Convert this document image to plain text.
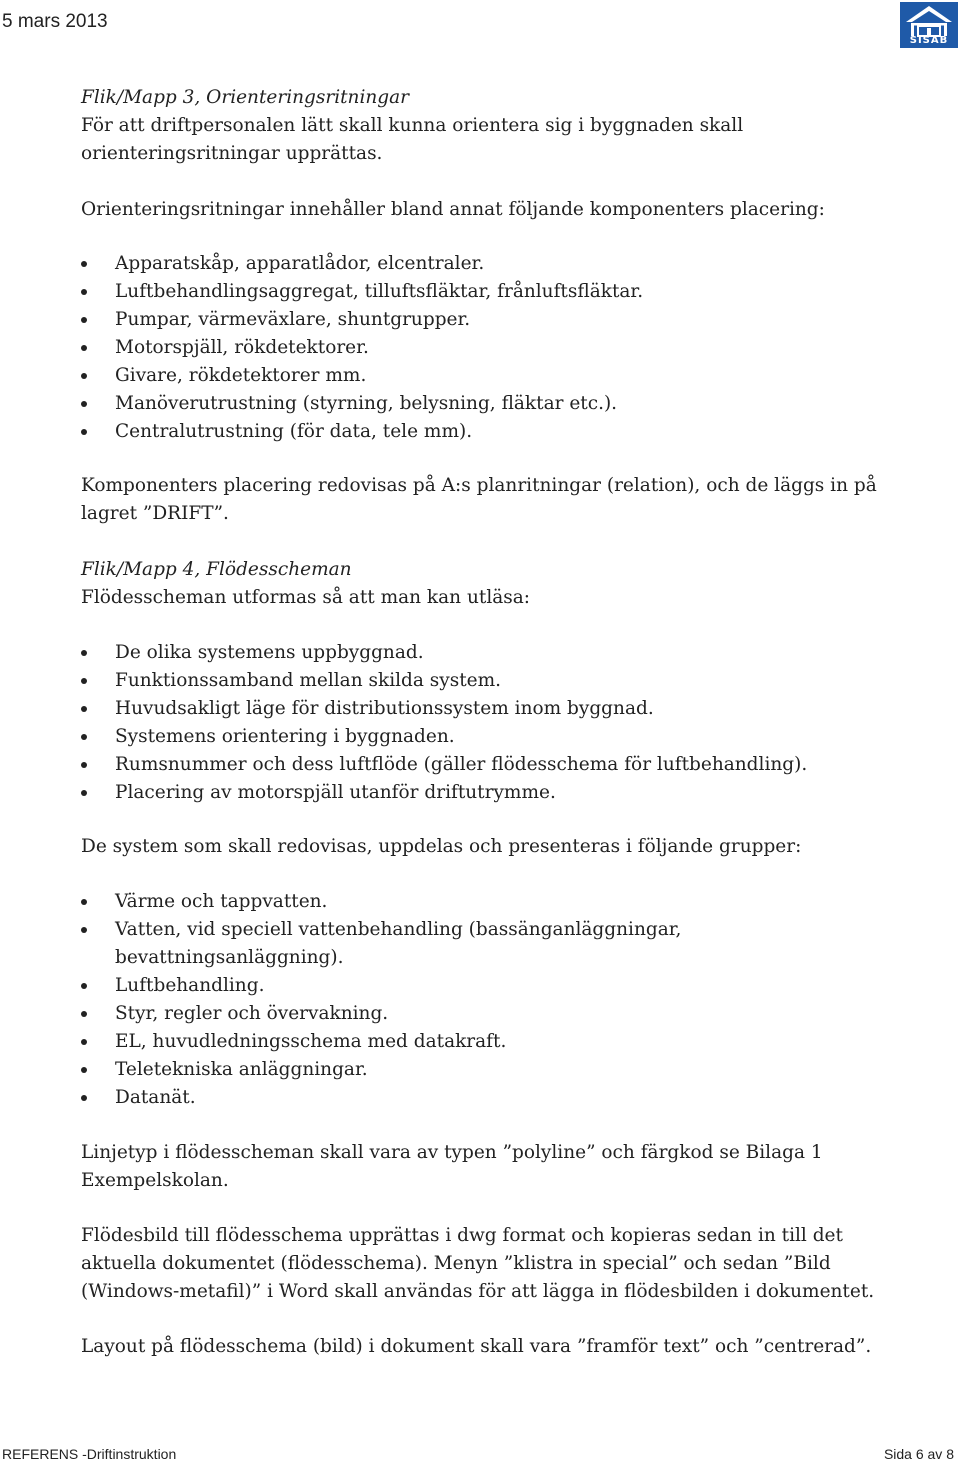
5 mars 2013
SISAB
Flik/Mapp 3, Orienteringsritningar
För att driftpersonalen lätt skall kunna orientera sig i byggnaden skall
orienteringsritningar upprättas.
Orienteringsritningar innehåller bland annat följande komponenters placering:
Apparatskåp, apparatlådor, elcentraler.
Luftbehandlingsaggregat, tilluftsfläktar, frånluftsfläktar.
Pumpar, värmeväxlare, shuntgrupper.
Motorspjäll, rökdetektorer.
Givare, rökdetektorer mm.
Manöverutrustning (styrning, belysning, fläktar etc.).
Centralutrustning (för data, tele mm).
Komponenters placering redovisas på A:s planritningar (relation), och de läggs in på
lagret ”DRIFT”.
Flik/Mapp 4, Flödesscheman
Flödesscheman utformas så att man kan utläsa:
De olika systemens uppbyggnad.
Funktionssamband mellan skilda system.
Huvudsakligt läge för distributionssystem inom byggnad.
Systemens orientering i byggnaden.
Rumsnummer och dess luftflöde (gäller flödesschema för luftbehandling).
Placering av motorspjäll utanför driftutrymme.
De system som skall redovisas, uppdelas och presenteras i följande grupper:
Värme och tappvatten.
Vatten, vid speciell vattenbehandling (bassänganläggningar,
bevattningsanläggning).
Luftbehandling.
Styr, regler och övervakning.
EL, huvudledningsschema med datakraft.
Teletekniska anläggningar.
Datanät.
Linjetyp i flödesscheman skall vara av typen ”polyline” och färgkod se Bilaga 1
Exempelskolan.
Flödesbild till flödesschema upprättas i dwg format och kopieras sedan in till det
aktuella dokumentet (flödesschema). Menyn ”klistra in special” och sedan ”Bild
(Windows-metafil)” i Word skall användas för att lägga in flödesbilden i dokumentet.
Layout på flödesschema (bild) i dokument skall vara ”framför text” och ”centrerad”.
REFERENS -Driftinstruktion	Sida 6 av 8
